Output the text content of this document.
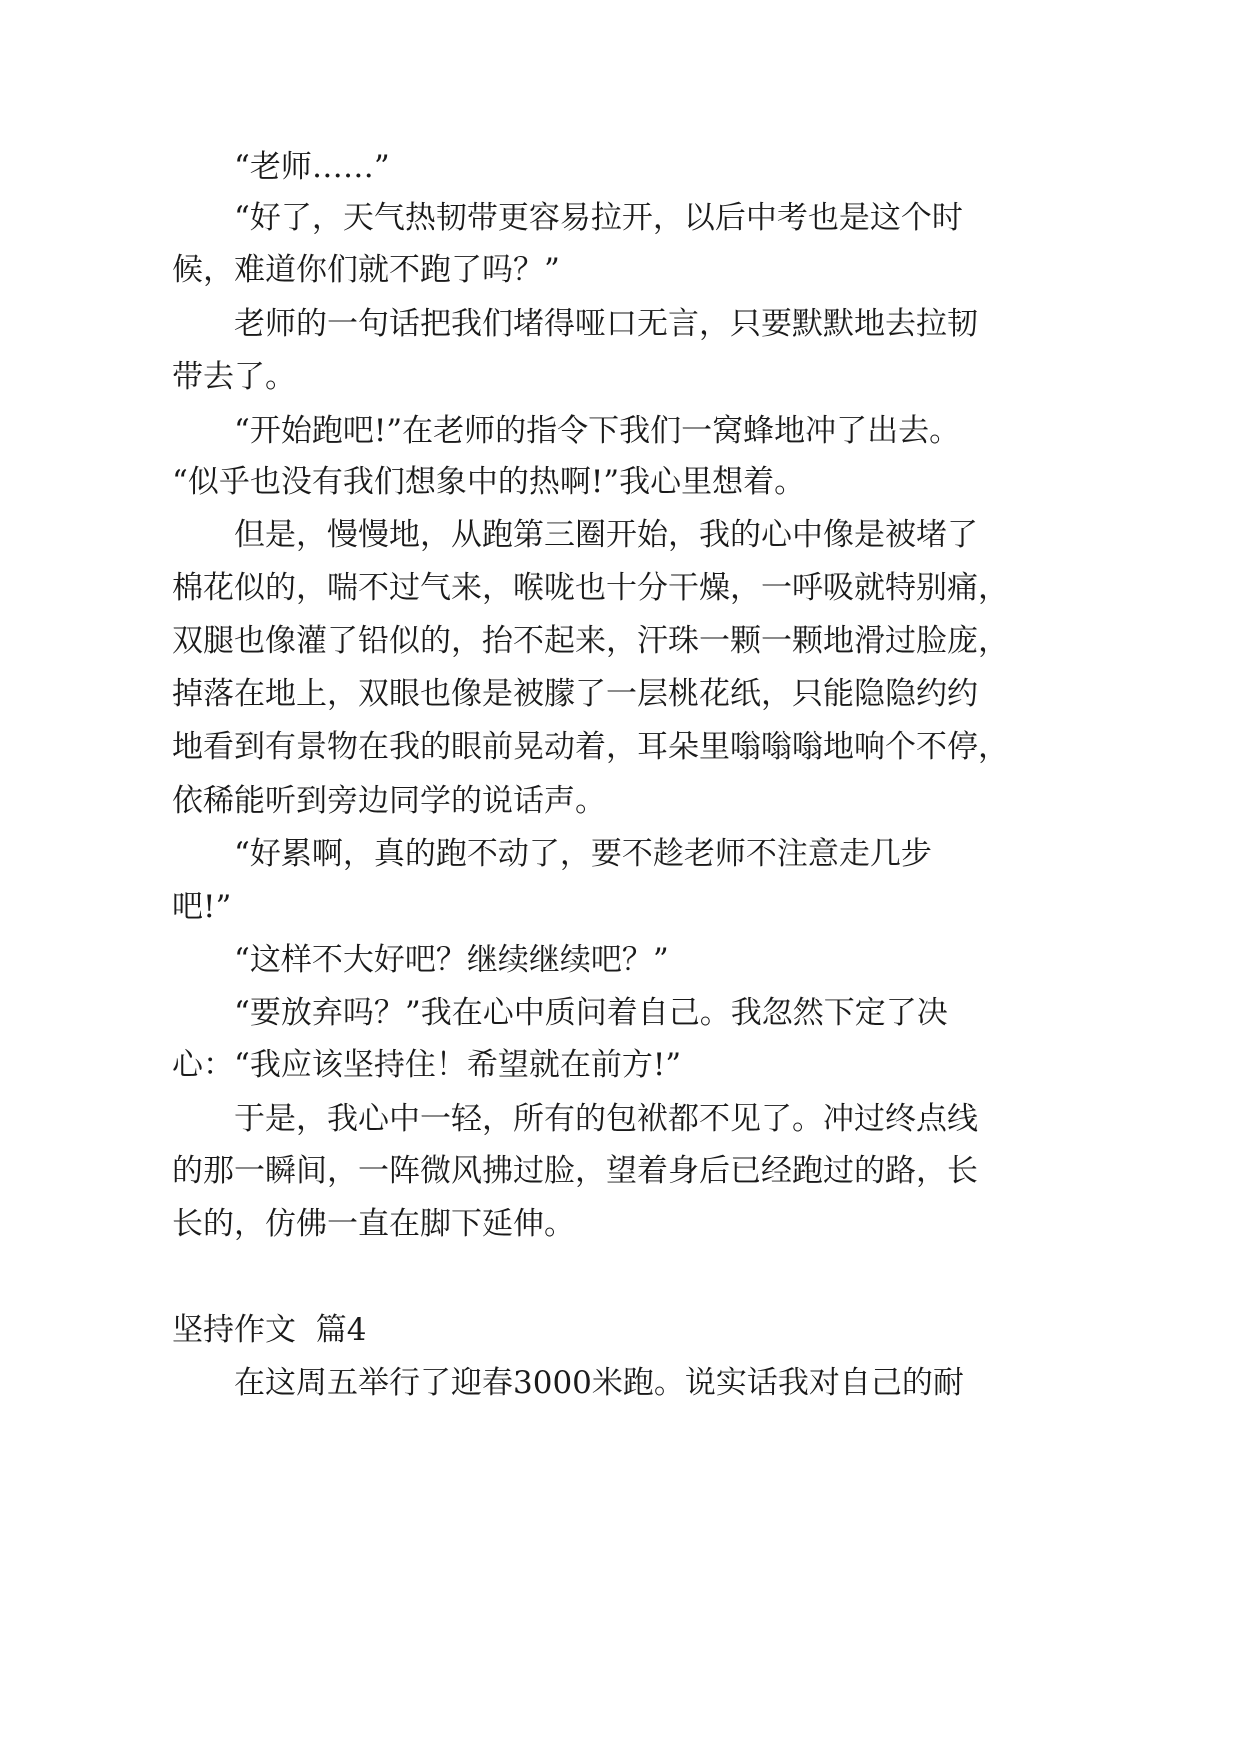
“老师……”
“好了，天气热韧带更容易拉开，以后中考也是这个时
候，难道你们就不跑了吗？”
老师的一句话把我们堵得哑口无言，只要默默地去拉韧
带去了。
“开始跑吧!”在老师的指令下我们一窝蜂地冲了出去。
“似乎也没有我们想象中的热啊!”我心里想着。
但是，慢慢地，从跑第三圈开始，我的心中像是被堵了
棉花似的，喘不过气来，喉咙也十分干燥，一呼吸就特别痛，
双腿也像灌了铅似的，抬不起来，汗珠一颗一颗地滑过脸庞，
掉落在地上，双眼也像是被朦了一层桃花纸，只能隐隐约约
地看到有景物在我的眼前晃动着，耳朵里嗡嗡嗡地响个不停，
依稀能听到旁边同学的说话声。
“好累啊，真的跑不动了，要不趁老师不注意走几步
吧!”
“这样不大好吧？继续继续吧？”
“要放弃吗？”我在心中质问着自己。我忽然下定了决
心：“我应该坚持住！希望就在前方!”
于是，我心中一轻，所有的包袱都不见了。冲过终点线
的那一瞬间，一阵微风拂过脸，望着身后已经跑过的路，长
长的，仿佛一直在脚下延伸。
坚持作文  篇4
在这周五举行了迎春3000米跑。说实话我对自己的耐
